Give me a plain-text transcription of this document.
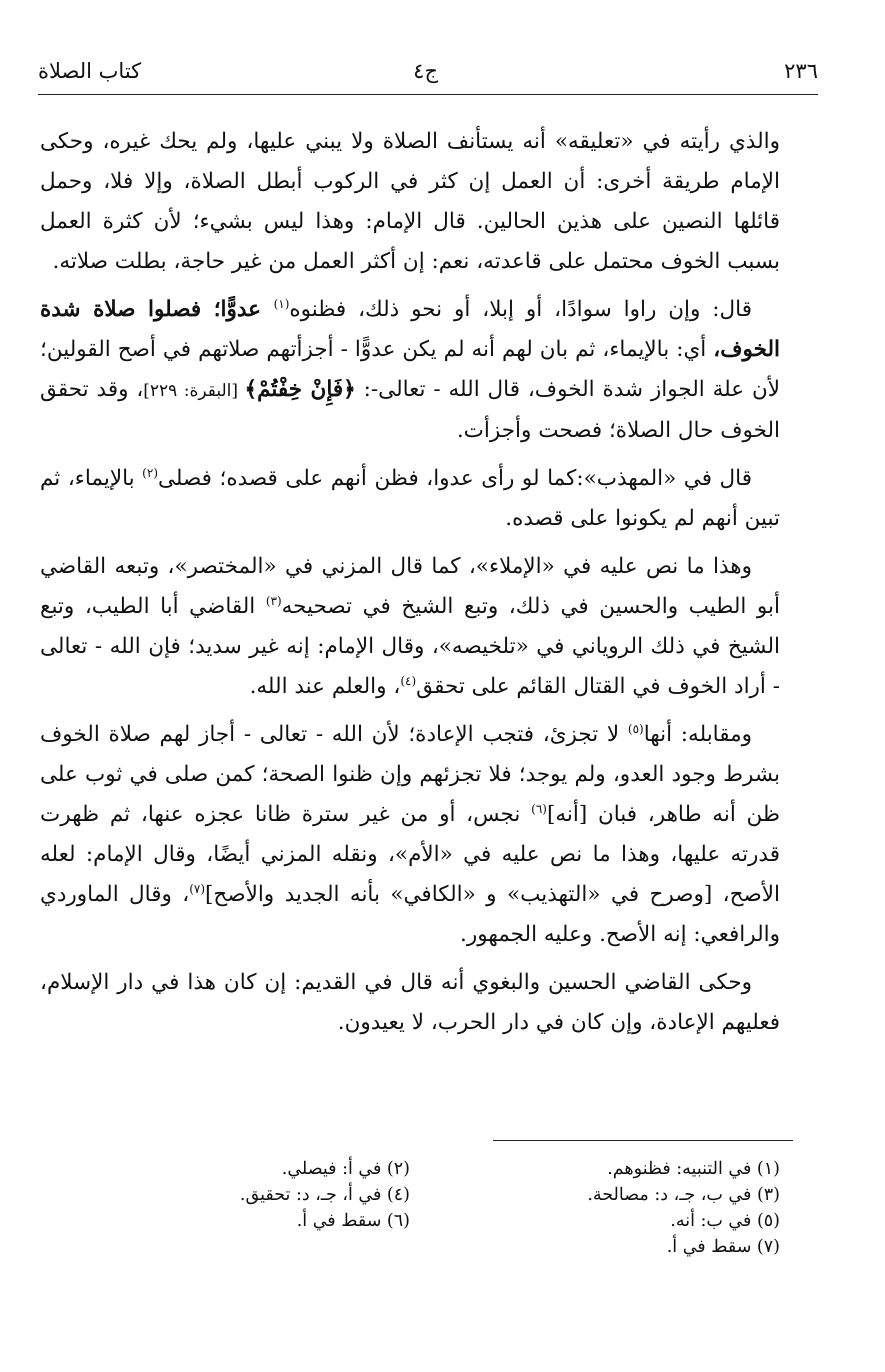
٢٣٦
ج٤
كتاب الصلاة

والذي رأيته في «تعليقه» أنه يستأنف الصلاة ولا يبني عليها، ولم يحك غيره، وحكى الإمام طريقة أخرى: أن العمل إن كثر في الركوب أبطل الصلاة، وإلا فلا، وحمل قائلها النصين على هذين الحالين. قال الإمام: وهذا ليس بشيء؛ لأن كثرة العمل بسبب الخوف محتمل على قاعدته، نعم: إن أكثر العمل من غير حاجة، بطلت صلاته.

قال: وإن راوا سوادًا، أو إبلا، أو نحو ذلك، فظنوه$^{(١)}$ عدوًّا؛ فصلوا صلاة شدة الخوف، أي: بالإيماء، ثم بان لهم أنه لم يكن عدوًّا - أجزأتهم صلاتهم في أصح القولين؛ لأن علة الجواز شدة الخوف، قال الله - تعالى-: ﴿فَإِنْ خِفْتُمْ﴾ [البقرة: ٢٢٩]، وقد تحقق الخوف حال الصلاة؛ فصحت وأجزأت.

قال في «المهذب»:كما لو رأى عدوا، فظن أنهم على قصده؛ فصلى$^{(٢)}$ بالإيماء، ثم تبين أنهم لم يكونوا على قصده.

وهذا ما نص عليه في «الإملاء»، كما قال المزني في «المختصر»، وتبعه القاضي أبو الطيب والحسين في ذلك، وتبع الشيخ في تصحيحه$^{(٣)}$ القاضي أبا الطيب، وتبع الشيخ في ذلك الروياني في «تلخيصه»، وقال الإمام: إنه غير سديد؛ فإن الله - تعالى - أراد الخوف في القتال القائم على تحقق$^{(٤)}$، والعلم عند الله.

ومقابله: أنها$^{(٥)}$ لا تجزئ، فتجب الإعادة؛ لأن الله - تعالى - أجاز لهم صلاة الخوف بشرط وجود العدو، ولم يوجد؛ فلا تجزئهم وإن ظنوا الصحة؛ كمن صلى في ثوب على ظن أنه طاهر، فبان [أنه]$^{(٦)}$ نجس، أو من غير سترة ظانا عجزه عنها، ثم ظهرت قدرته عليها، وهذا ما نص عليه في «الأم»، ونقله المزني أيضًا، وقال الإمام: لعله الأصح، [وصرح في «التهذيب» و «الكافي» بأنه الجديد والأصح]$^{(٧)}$، وقال الماوردي والرافعي: إنه الأصح. وعليه الجمهور.

وحكى القاضي الحسين والبغوي أنه قال في القديم: إن كان هذا في دار الإسلام، فعليهم الإعادة، وإن كان في دار الحرب، لا يعيدون.

(١) في التنبيه: فظنوهم.
(٢) في أ: فيصلي.
(٣) في ب، جـ، د: مصالحة.
(٤) في أ، جـ، د: تحقيق.
(٥) في ب: أنه.
(٦) سقط في أ.
(٧) سقط في أ.
